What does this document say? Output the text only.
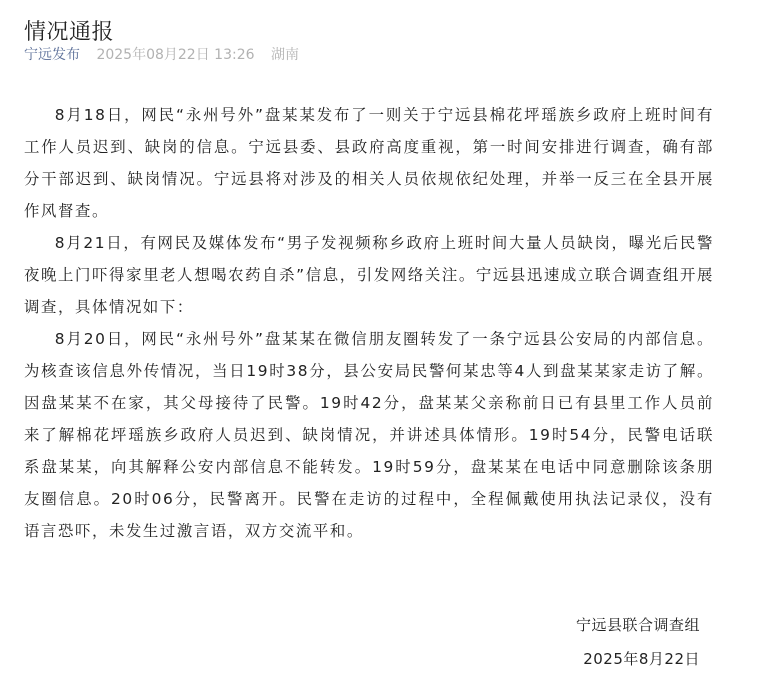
情况通报
宁远发布 2025年08月22日 13:26 湖南

8月18日，网民“永州号外”盘某某发布了一则关于宁远县棉花坪瑶族乡政府上班时间有工作人员迟到、缺岗的信息。宁远县委、县政府高度重视，第一时间安排进行调查，确有部分干部迟到、缺岗情况。宁远县将对涉及的相关人员依规依纪处理，并举一反三在全县开展作风督查。

8月21日，有网民及媒体发布“男子发视频称乡政府上班时间大量人员缺岗，曝光后民警夜晚上门吓得家里老人想喝农药自杀”信息，引发网络关注。宁远县迅速成立联合调查组开展调查，具体情况如下：

8月20日，网民“永州号外”盘某某在微信朋友圈转发了一条宁远县公安局的内部信息。为核查该信息外传情况，当日19时38分，县公安局民警何某忠等4人到盘某某家走访了解。因盘某某不在家，其父母接待了民警。19时42分，盘某某父亲称前日已有县里工作人员前来了解棉花坪瑶族乡政府人员迟到、缺岗情况，并讲述具体情形。19时54分，民警电话联系盘某某，向其解释公安内部信息不能转发。19时59分，盘某某在电话中同意删除该条朋友圈信息。20时06分，民警离开。民警在走访的过程中，全程佩戴使用执法记录仪，没有语言恐吓，未发生过激言语，双方交流平和。

宁远县联合调查组
2025年8月22日
